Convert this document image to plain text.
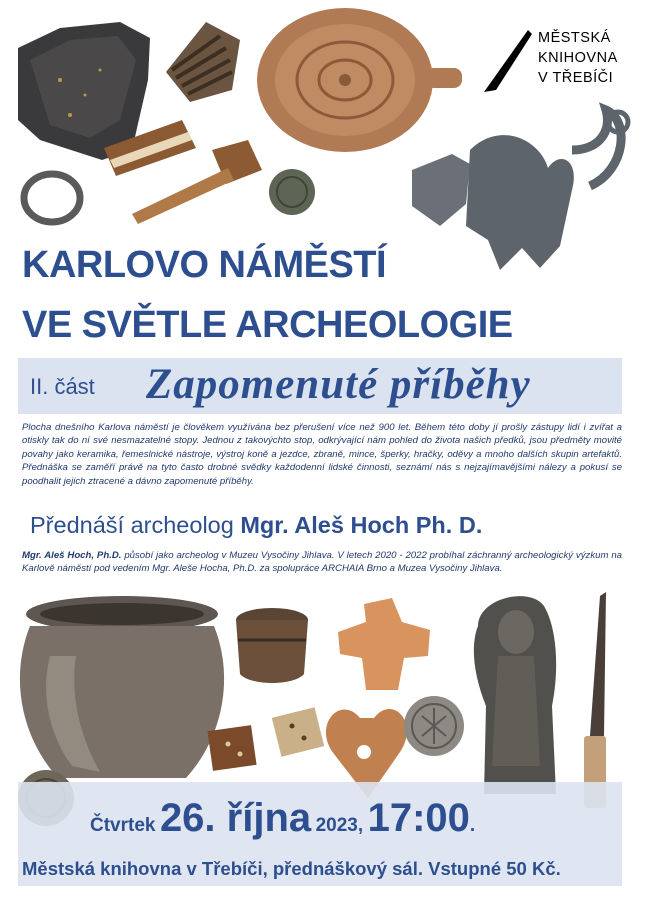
MĚSTSKÁ
KNIHOVNA
V TŘEBÍČI
KARLOVO NÁMĚSTÍ
VE SVĚTLE ARCHEOLOGIE
II. část Zapomenuté příběhy
Plocha dnešního Karlova náměstí je člověkem využívána bez přerušení více než 900 let. Během této doby jí prošly zástupy lidí i zvířat a otiskly tak do ní své nesmazatelné stopy. Jednou z takovýchto stop, odkrývající nám pohled do života našich předků, jsou předměty movité povahy jako keramika, řemeslnické nástroje, výstroj koně a jezdce, zbraně, mince, šperky, hračky, oděvy a mnoho dalších skupin artefaktů. Přednáška se zaměří právě na tyto často drobné svědky každodenní lidské činnosti, seznámí nás s nejzajímavějšími nálezy a pokusí se poodhalit jejich ztracené a dávno zapomenuté příběhy.
Přednáší archeolog Mgr. Aleš Hoch Ph. D.
Mgr. Aleš Hoch, Ph.D. působí jako archeolog v Muzeu Vysočiny Jihlava. V letech 2020 - 2022 probíhal záchranný archeologický výzkum na Karlově náměstí pod vedením Mgr. Aleše Hocha, Ph.D. za spolupráce ARCHAIA Brno a Muzea Vysočiny Jihlava.
Čtvrtek 26. října 2023, 17:00.
Městská knihovna v Třebíči, přednáškový sál. Vstupné 50 Kč.
